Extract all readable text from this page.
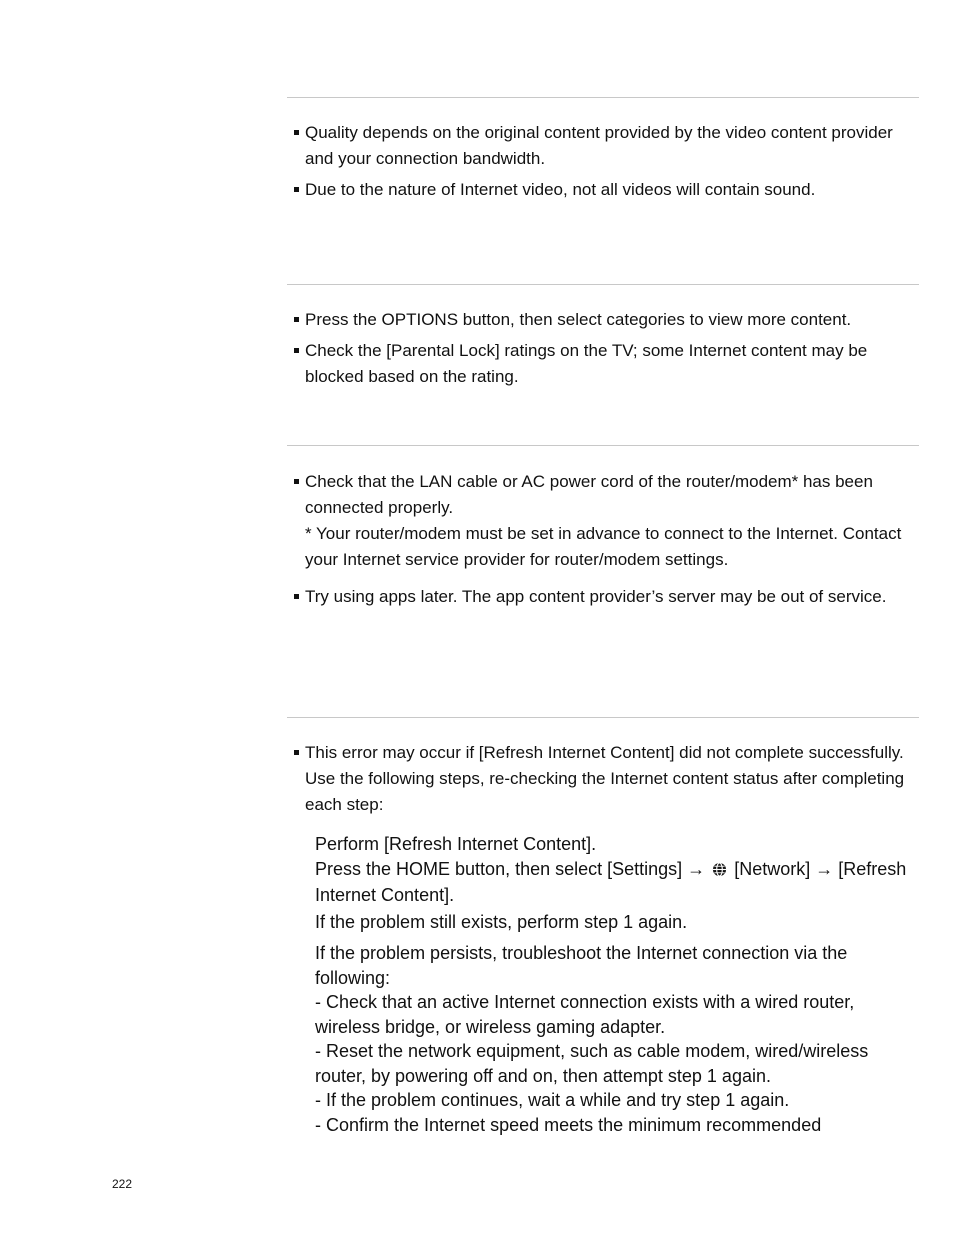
Quality depends on the original content provided by the video content provider and your connection bandwidth.
Due to the nature of Internet video, not all videos will contain sound.
Press the OPTIONS button, then select categories to view more content.
Check the [Parental Lock] ratings on the TV; some Internet content may be blocked based on the rating.
Check that the LAN cable or AC power cord of the router/modem* has been connected properly.
* Your router/modem must be set in advance to connect to the Internet. Contact your Internet service provider for router/modem settings.
Try using apps later. The app content provider’s server may be out of service.
This error may occur if [Refresh Internet Content] did not complete successfully. Use the following steps, re-checking the Internet content status after completing each step:
Perform [Refresh Internet Content].
Press the HOME button, then select [Settings] → [Network] → [Refresh Internet Content].
If the problem still exists, perform step 1 again.
If the problem persists, troubleshoot the Internet connection via the following:
- Check that an active Internet connection exists with a wired router, wireless bridge, or wireless gaming adapter.
- Reset the network equipment, such as cable modem, wired/wireless router, by powering off and on, then attempt step 1 again.
- If the problem continues, wait a while and try step 1 again.
- Confirm the Internet speed meets the minimum recommended
222
